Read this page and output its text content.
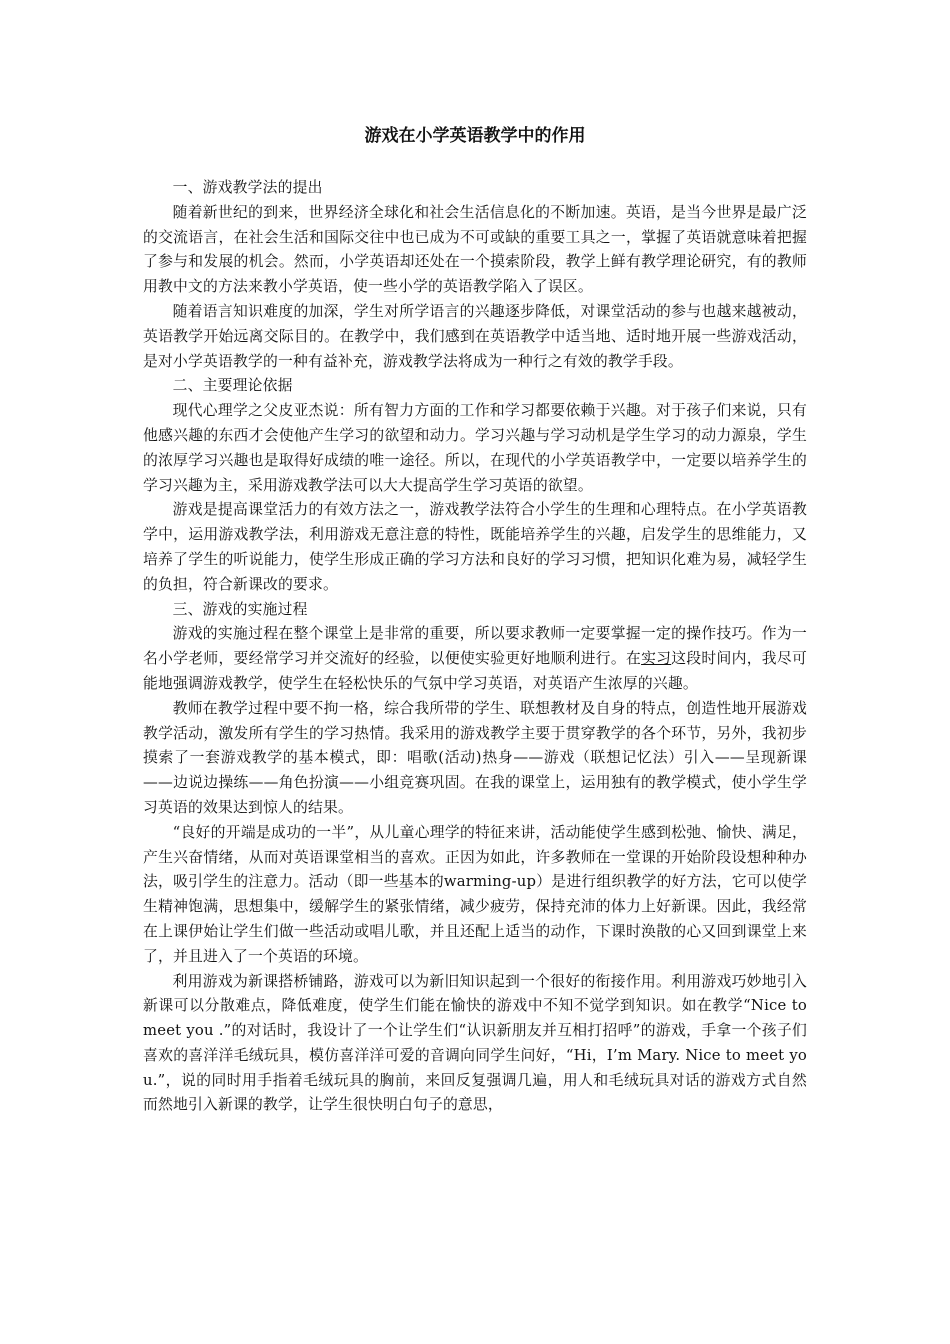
游戏在小学英语教学中的作用

一、游戏教学法的提出

随着新世纪的到来，世界经济全球化和社会生活信息化的不断加速。英语，是当今世界是最广泛的交流语言，在社会生活和国际交往中也已成为不可或缺的重要工具之一，掌握了英语就意味着把握了参与和发展的机会。然而，小学英语却还处在一个摸索阶段，教学上鲜有教学理论研究，有的教师用教中文的方法来教小学英语，使一些小学的英语教学陷入了误区。

随着语言知识难度的加深，学生对所学语言的兴趣逐步降低，对课堂活动的参与也越来越被动，英语教学开始远离交际目的。在教学中，我们感到在英语教学中适当地、适时地开展一些游戏活动，是对小学英语教学的一种有益补充，游戏教学法将成为一种行之有效的教学手段。

二、主要理论依据

现代心理学之父皮亚杰说：所有智力方面的工作和学习都要依赖于兴趣。对于孩子们来说，只有他感兴趣的东西才会使他产生学习的欲望和动力。学习兴趣与学习动机是学生学习的动力源泉，学生的浓厚学习兴趣也是取得好成绩的唯一途径。所以，在现代的小学英语教学中，一定要以培养学生的学习兴趣为主，采用游戏教学法可以大大提高学生学习英语的欲望。

游戏是提高课堂活力的有效方法之一，游戏教学法符合小学生的生理和心理特点。在小学英语教学中，运用游戏教学法，利用游戏无意注意的特性，既能培养学生的兴趣，启发学生的思维能力，又培养了学生的听说能力，使学生形成正确的学习方法和良好的学习习惯，把知识化难为易，减轻学生的负担，符合新课改的要求。

三、游戏的实施过程

游戏的实施过程在整个课堂上是非常的重要，所以要求教师一定要掌握一定的操作技巧。作为一名小学老师，要经常学习并交流好的经验，以便使实验更好地顺利进行。在实习这段时间内，我尽可能地强调游戏教学，使学生在轻松快乐的气氛中学习英语，对英语产生浓厚的兴趣。

教师在教学过程中要不拘一格，综合我所带的学生、联想教材及自身的特点，创造性地开展游戏教学活动，激发所有学生的学习热情。我采用的游戏教学主要于贯穿教学的各个环节，另外，我初步摸索了一套游戏教学的基本模式，即：唱歌(活动)热身——游戏（联想记忆法）引入——呈现新课——边说边操练——角色扮演——小组竞赛巩固。在我的课堂上，运用独有的教学模式，使小学生学习英语的效果达到惊人的结果。

“良好的开端是成功的一半”，从儿童心理学的特征来讲，活动能使学生感到松弛、愉快、满足，产生兴奋情绪，从而对英语课堂相当的喜欢。正因为如此，许多教师在一堂课的开始阶段设想种种办法，吸引学生的注意力。活动（即一些基本的warming-up）是进行组织教学的好方法，它可以使学生精神饱满，思想集中，缓解学生的紧张情绪，减少疲劳，保持充沛的体力上好新课。因此，我经常在上课伊始让学生们做一些活动或唱儿歌，并且还配上适当的动作，下课时涣散的心又回到课堂上来了，并且进入了一个英语的环境。

利用游戏为新课搭桥铺路，游戏可以为新旧知识起到一个很好的衔接作用。利用游戏巧妙地引入新课可以分散难点，降低难度，使学生们能在愉快的游戏中不知不觉学到知识。如在教学“Nice to meet you .”的对话时，我设计了一个让学生们“认识新朋友并互相打招呼”的游戏，手拿一个孩子们喜欢的喜洋洋毛绒玩具，模仿喜洋洋可爱的音调向同学生问好，“Hi，I’m Mary. Nice to meet you.”，说的同时用手指着毛绒玩具的胸前，来回反复强调几遍，用人和毛绒玩具对话的游戏方式自然而然地引入新课的教学，让学生很快明白句子的意思，
